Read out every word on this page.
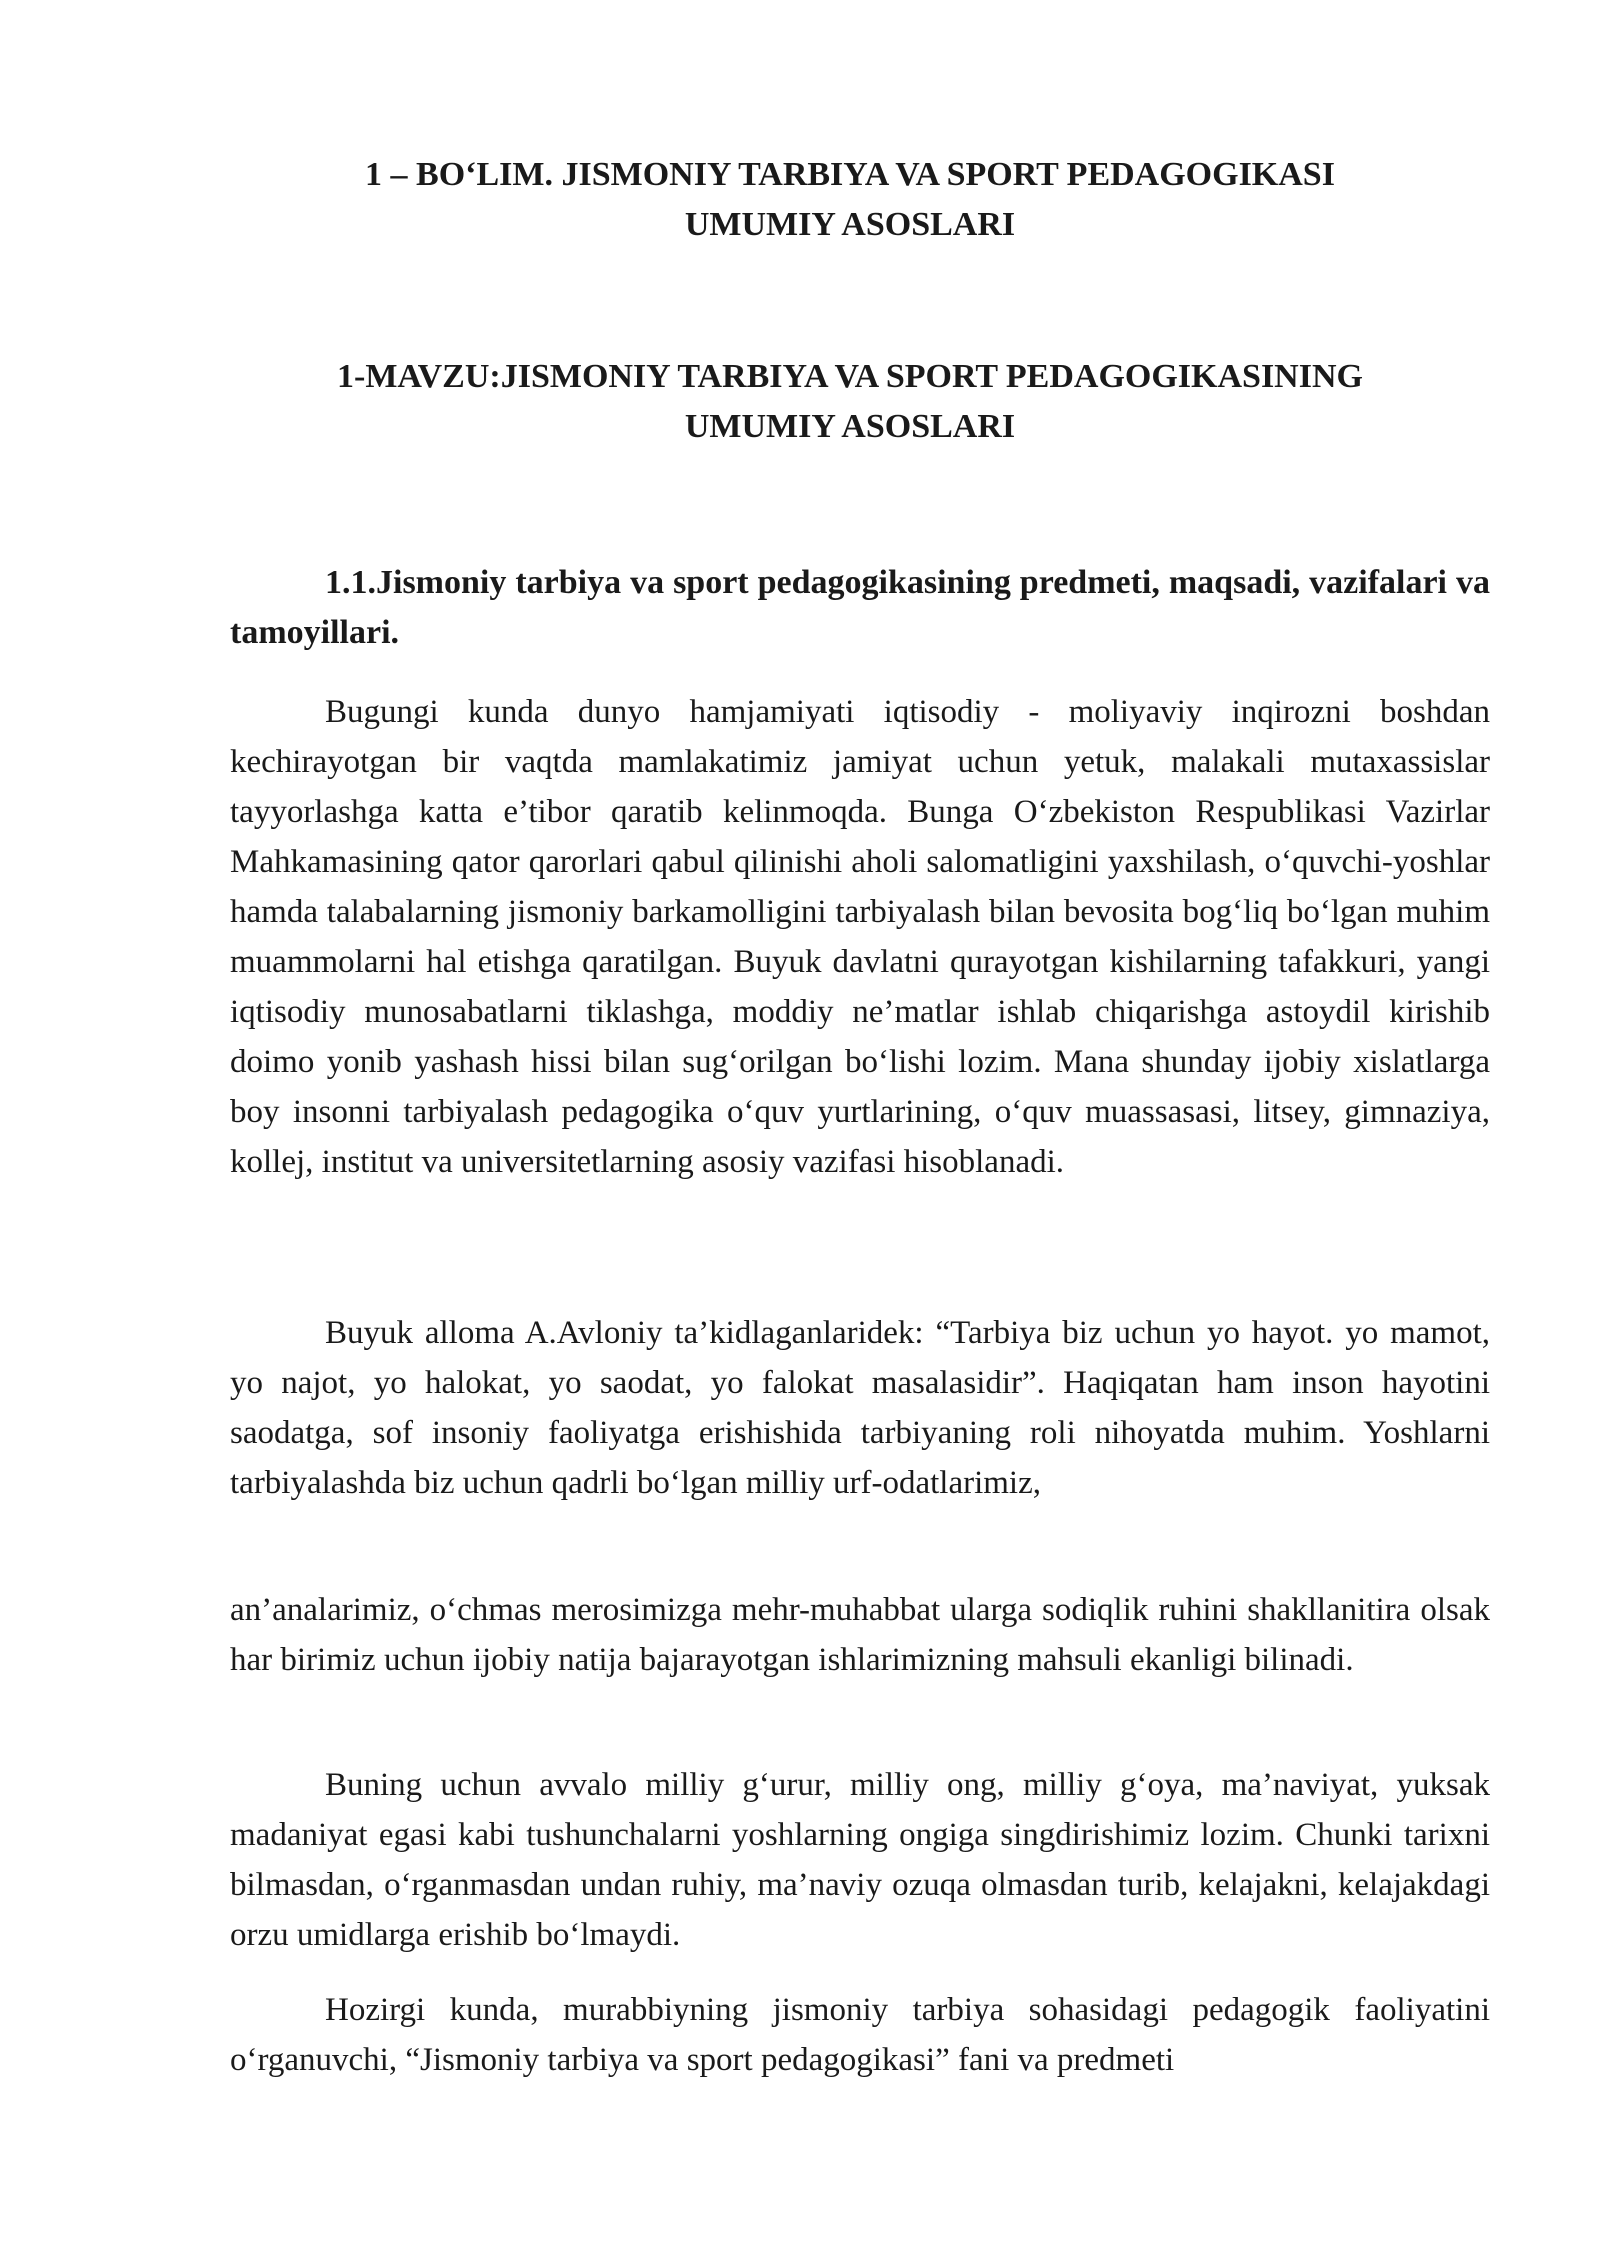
1 – BO‘LIM. JISMONIY TARBIYA VA SPORT PEDAGOGIKASI
UMUMIY ASOSLARI
1-MAVZU:JISMONIY TARBIYA VA SPORT PEDAGOGIKASINING
UMUMIY ASOSLARI
1.1.Jismoniy tarbiya va sport pedagogikasining predmeti, maqsadi, vazifalari va tamoyillari.

Bugungi kunda dunyo hamjamiyati iqtisodiy - moliyaviy inqirozni boshdan kechirayotgan bir vaqtda mamlakatimiz jamiyat uchun yetuk, malakali mutaxassislar tayyorlashga katta e’tibor qaratib kelinmoqda. Bunga O‘zbekiston Respublikasi Vazirlar Mahkamasining qator qarorlari qabul qilinishi aholi salomatligini yaxshilash, o‘quvchi-yoshlar hamda talabalarning jismoniy barkamolligini tarbiyalash bilan bevosita bog‘liq bo‘lgan muhim muammolarni hal etishga qaratilgan. Buyuk davlatni qurayotgan kishilarning tafakkuri, yangi iqtisodiy munosabatlarni tiklashga, moddiy ne’matlar ishlab chiqarishga astoydil kirishib doimo yonib yashash hissi bilan sug‘orilgan bo‘lishi lozim. Mana shunday ijobiy xislatlarga boy insonni tarbiyalash pedagogika o‘quv yurtlarining, o‘quv muassasasi, litsey, gimnaziya, kollej, institut va universitetlarning asosiy vazifasi hisoblanadi.

Buyuk alloma A.Avloniy ta’kidlaganlaridek: “Tarbiya biz uchun yo hayot. yo mamot, yo najot, yo halokat, yo saodat, yo falokat masalasidir”. Haqiqatan ham inson hayotini saodatga, sof insoniy faoliyatga erishishida tarbiyaning roli nihoyatda muhim. Yoshlarni tarbiyalashda biz uchun qadrli bo‘lgan milliy urf-odatlarimiz,

an’analarimiz, o‘chmas merosimizga mehr-muhabbat ularga sodiqlik ruhini shakllanitira olsak har birimiz uchun ijobiy natija bajarayotgan ishlarimizning mahsuli ekanligi bilinadi.

Buning uchun avvalo milliy g‘urur, milliy ong, milliy g‘oya, ma’naviyat, yuksak madaniyat egasi kabi tushunchalarni yoshlarning ongiga singdirishimiz lozim. Chunki tarixni bilmasdan, o‘rganmasdan undan ruhiy, ma’naviy ozuqa olmasdan turib, kelajakni, kelajakdagi orzu umidlarga erishib bo‘lmaydi.

Hozirgi kunda, murabbiyning jismoniy tarbiya sohasidagi pedagogik faoliyatini o‘rganuvchi, “Jismoniy tarbiya va sport pedagogikasi” fani va predmeti
